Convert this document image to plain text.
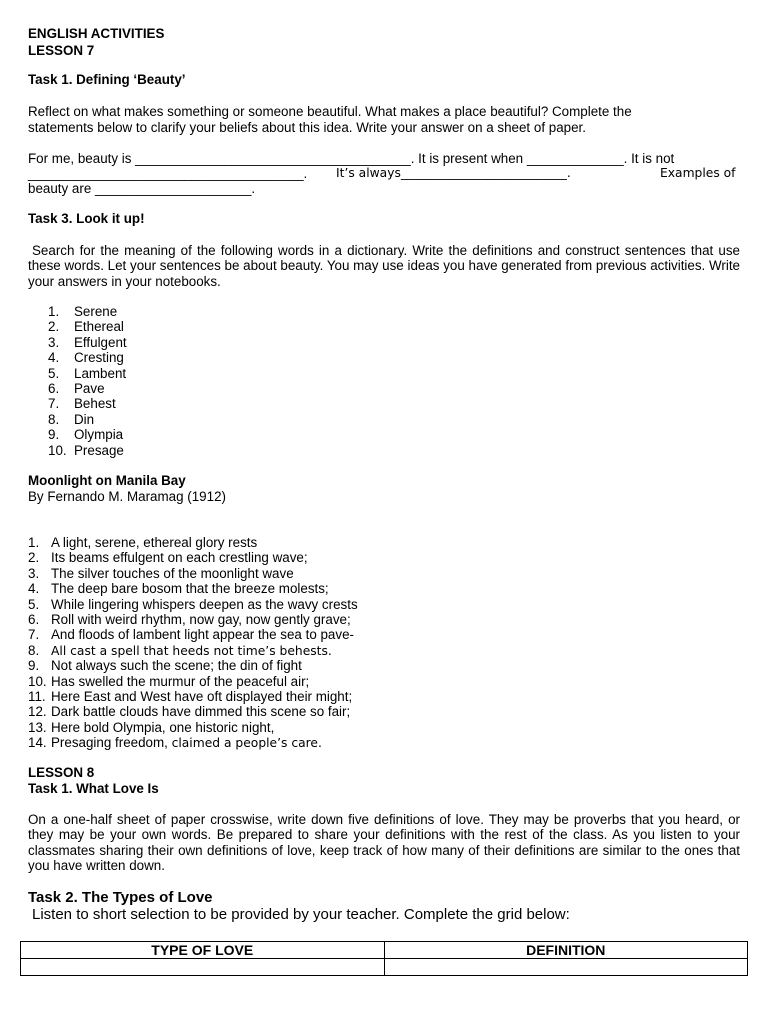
ENGLISH ACTIVITIES
LESSON 7
Task 1. Defining ‘Beauty’
Reflect on what makes something or someone beautiful. What makes a place beautiful? Complete the
statements below to clarify your beliefs about this idea. Write your answer on a sheet of paper.
For me, beauty is _____________________________________. It is present when _____________. It is not
_____________________________________. It’s always___________________________.	Examples of
beauty are _____________________.
Task 3. Look it up!
Search for the meaning of the following words in a dictionary. Write the definitions and construct sentences that use these words. Let your sentences be about beauty. You may use ideas you have generated from previous activities. Write your answers in your notebooks.
1. Serene
2. Ethereal
3. Effulgent
4. Cresting
5. Lambent
6. Pave
7. Behest
8. Din
9. Olympia
10. Presage
Moonlight on Manila Bay
By Fernando M. Maramag (1912)
1. A light, serene, ethereal glory rests
2. Its beams effulgent on each crestling wave;
3. The silver touches of the moonlight wave
4. The deep bare bosom that the breeze molests;
5. While lingering whispers deepen as the wavy crests
6. Roll with weird rhythm, now gay, now gently grave;
7. And floods of lambent light appear the sea to pave-
8. All cast a spell that heeds not time’s behests.
9. Not always such the scene; the din of fight
10. Has swelled the murmur of the peaceful air;
11. Here East and West have oft displayed their might;
12. Dark battle clouds have dimmed this scene so fair;
13. Here bold Olympia, one historic night,
14. Presaging freedom, claimed a people’s care.
LESSON 8
Task 1. What Love Is
On a one-half sheet of paper crosswise, write down five definitions of love. They may be proverbs that you heard, or they may be your own words. Be prepared to share your definitions with the rest of the class. As you listen to your classmates sharing their own definitions of love, keep track of how many of their definitions are similar to the ones that you have written down.
Task 2. The Types of Love
Listen to short selection to be provided by your teacher. Complete the grid below:
TYPE OF LOVE	DEFINITION
